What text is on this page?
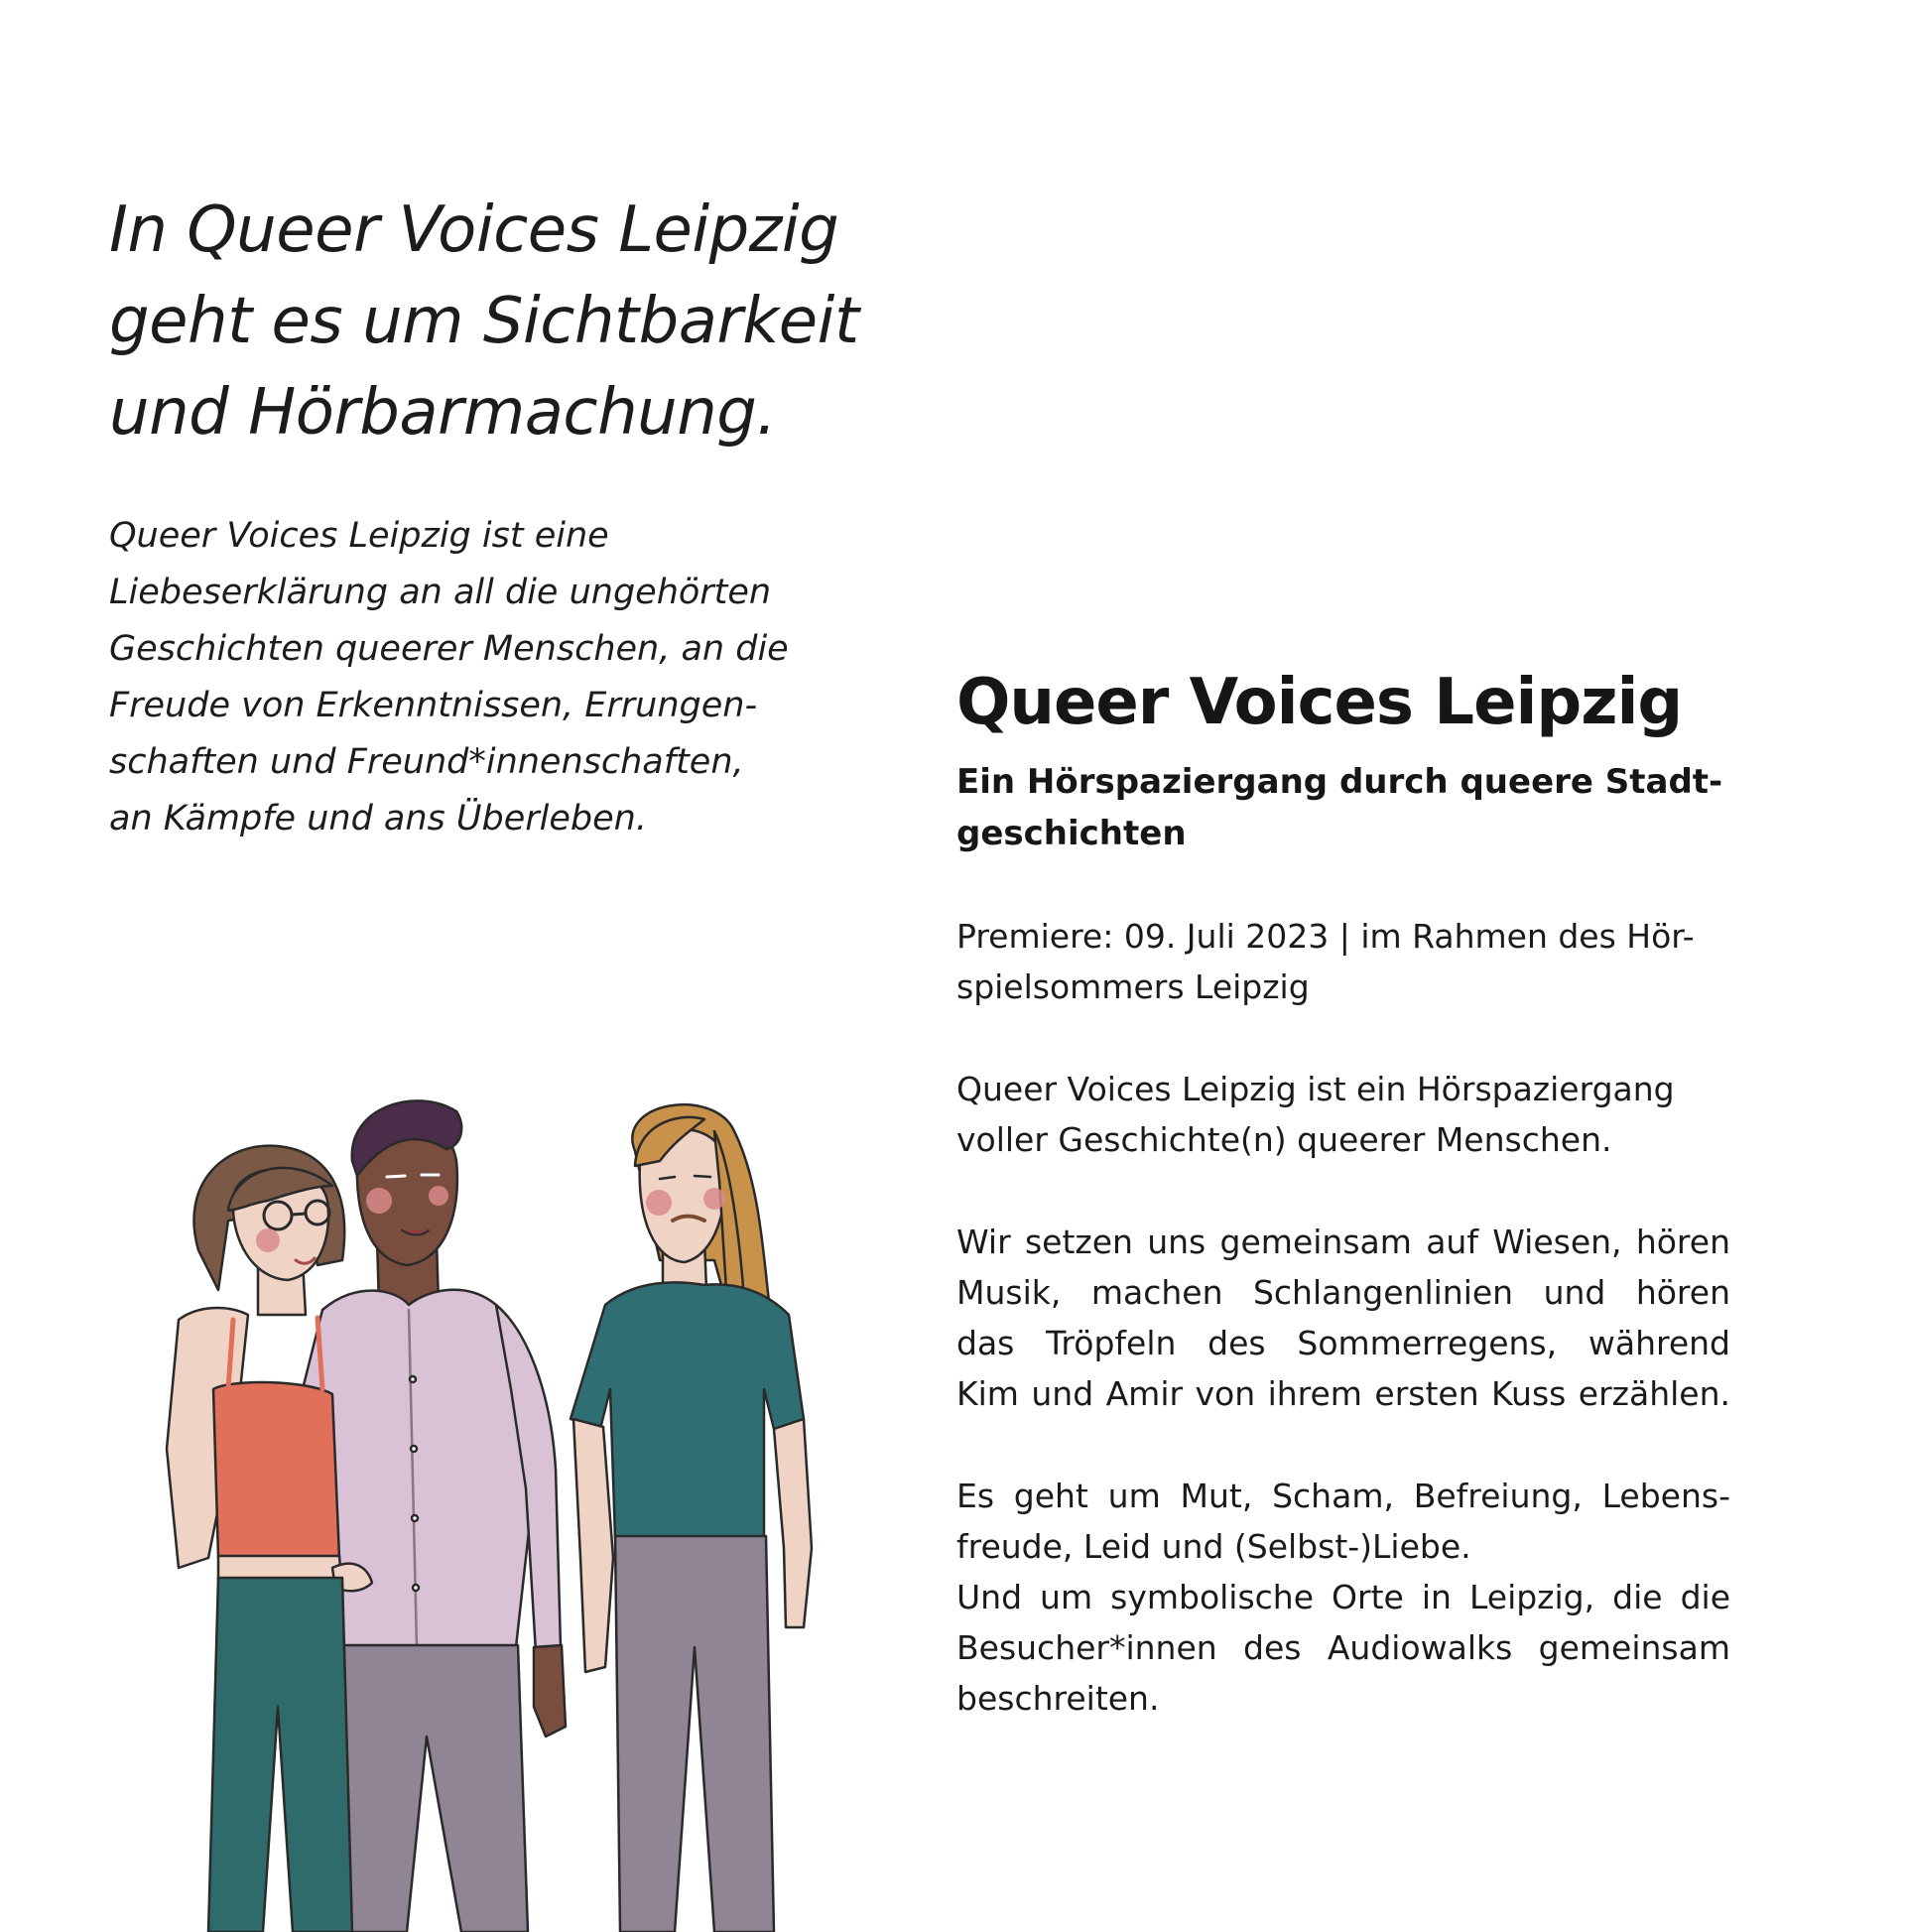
In Queer Voices Leipzig
geht es um Sichtbarkeit
und Hörbarmachung.

Queer Voices Leipzig ist eine
Liebeserklärung an all die ungehörten
Geschichten queerer Menschen, an die
Freude von Erkenntnissen, Errungen-
schaften und Freund*innenschaften,
an Kämpfe und ans Überleben.

Queer Voices Leipzig
Ein Hörspaziergang durch queere Stadt-
geschichten

Premiere: 09. Juli 2023 | im Rahmen des Hör-
spielsommers Leipzig

Queer Voices Leipzig ist ein Hörspaziergang
voller Geschichte(n) queerer Menschen.

Wir setzen uns gemeinsam auf Wiesen, hören
Musik, machen Schlangenlinien und hören
das Tröpfeln des Sommerregens, während
Kim und Amir von ihrem ersten Kuss erzählen.

Es geht um Mut, Scham, Befreiung, Lebens-
freude, Leid und (Selbst-)Liebe.
Und um symbolische Orte in Leipzig, die die
Besucher*innen des Audiowalks gemeinsam
beschreiten.
